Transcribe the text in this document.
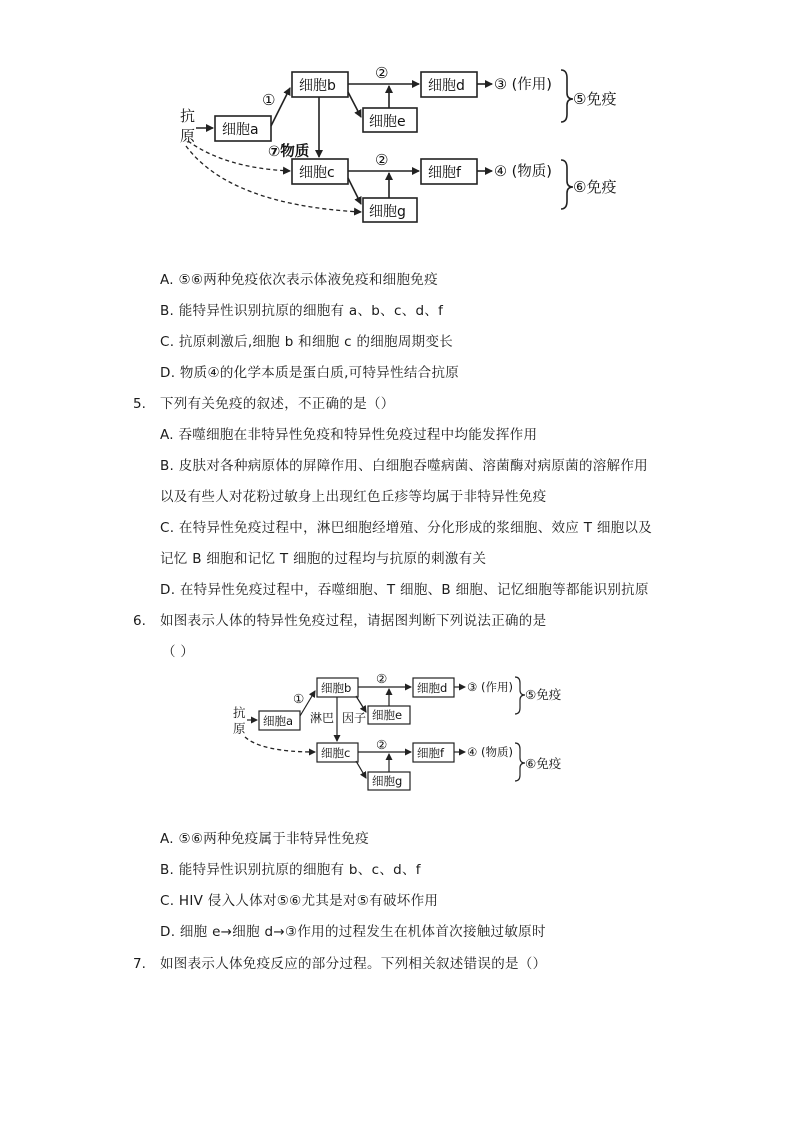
抗
原 细胞a
细胞b	细胞d
细胞e
细胞c	细胞f
细胞g
①
②
②
③ (作用)
④ (物质)
⑦物质
⑤免疫
⑥免疫
A. ⑤⑥两种免疫依次表示体液免疫和细胞免疫
B. 能特异性识别抗原的细胞有 a、b、c、d、f
C. 抗原刺激后,细胞 b 和细胞 c 的细胞周期变长
D. 物质④的化学本质是蛋白质,可特异性结合抗原
5. 下列有关免疫的叙述，不正确的是（）
A. 吞噬细胞在非特异性免疫和特异性免疫过程中均能发挥作用
B. 皮肤对各种病原体的屏障作用、白细胞吞噬病菌、溶菌酶对病原菌的溶解作用
以及有些人对花粉过敏身上出现红色丘疹等均属于非特异性免疫
C. 在特异性免疫过程中，淋巴细胞经增殖、分化形成的浆细胞、效应 T 细胞以及
记忆 B 细胞和记忆 T 细胞的过程均与抗原的刺激有关
D. 在特异性免疫过程中，吞噬细胞、T 细胞、B 细胞、记忆细胞等都能识别抗原
6. 如图表示人体的特异性免疫过程，请据图判断下列说法正确的是
（ ）
抗
原 细胞a
细胞b	细胞d
细胞e
细胞c	细胞f
细胞g
①
②
②
③ (作用)
④ (物质)
淋巴 因子
⑤免疫
⑥免疫
A. ⑤⑥两种免疫属于非特异性免疫
B. 能特异性识别抗原的细胞有 b、c、d、f
C. HIV 侵入人体对⑤⑥尤其是对⑤有破坏作用
D. 细胞 e→细胞 d→③作用的过程发生在机体首次接触过敏原时
7. 如图表示人体免疫反应的部分过程。下列相关叙述错误的是（）
